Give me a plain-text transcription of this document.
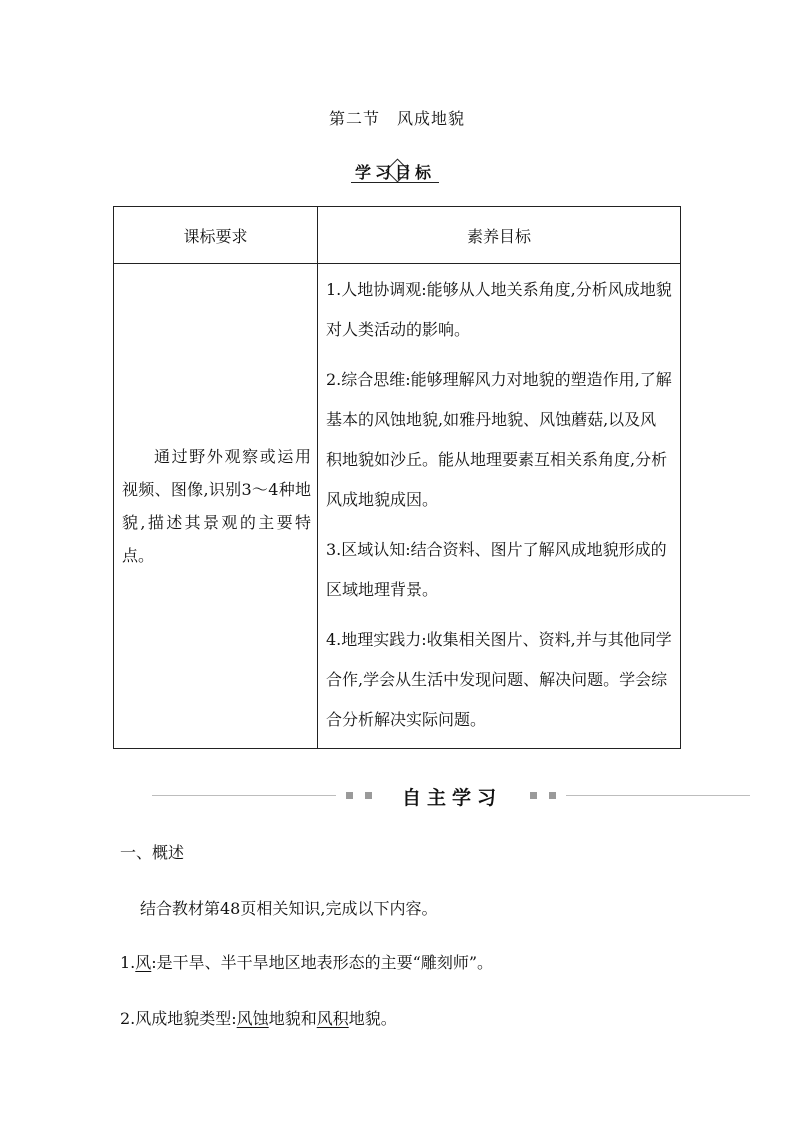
第二节　风成地貌
学习目标
课标要求	素养目标

通过野外观察或运用视频、图像,识别3～4种地貌,描述其景观的主要特点。	1.人地协调观:能够从人地关系角度,分析风成地貌对人类活动的影响。
2.综合思维:能够理解风力对地貌的塑造作用,了解基本的风蚀地貌,如雅丹地貌、风蚀蘑菇,以及风积地貌如沙丘。能从地理要素互相关系角度,分析风成地貌成因。
3.区域认知:结合资料、图片了解风成地貌形成的区域地理背景。
4.地理实践力:收集相关图片、资料,并与其他同学合作,学会从生活中发现问题、解决问题。学会综合分析解决实际问题。
自主学习
一、概述
结合教材第48页相关知识,完成以下内容。
1.风:是干旱、半干旱地区地表形态的主要“雕刻师”。
2.风成地貌类型:风蚀地貌和风积地貌。
